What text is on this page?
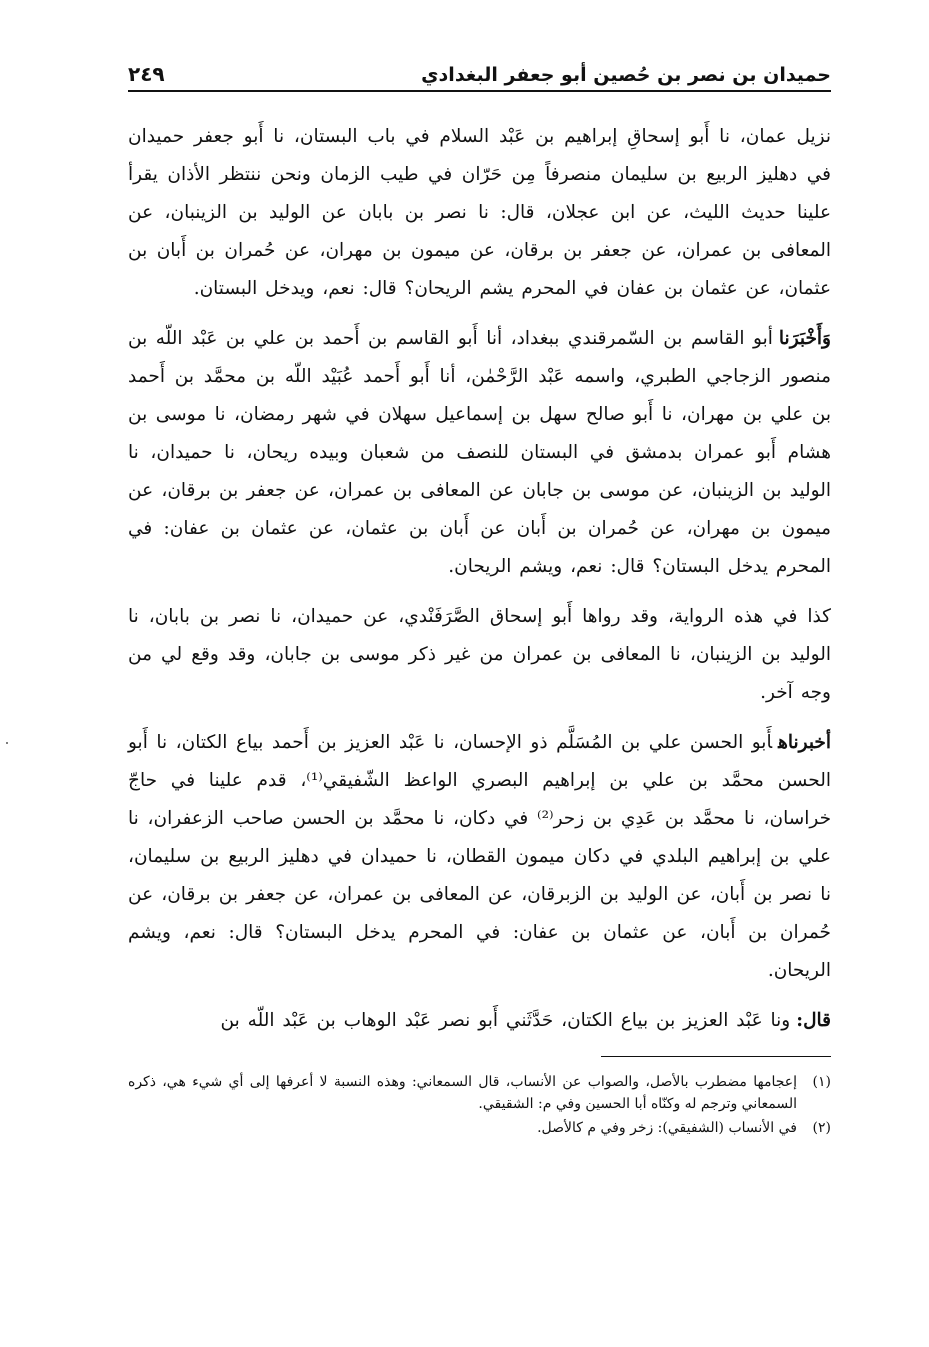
حميدان بن نصر بن حُصين أبو جعفر البغدادي
٢٤٩

نزيل عمان، نا أَبو إسحاقِ إبراهيم بن عَبْد السلام في باب البستان، نا أَبو جعفر حميدان في دهليز الربيع بن سليمان منصرفاً مِن حَرّان في طيب الزمان ونحن ننتظر الأذان يقرأ علينا حديث الليث، عن ابن عجلان، قال: نا نصر بن بابان عن الوليد بن الزينبان، عن المعافى بن عمران، عن جعفر بن برقان، عن ميمون بن مهران، عن حُمران بن أَبان بن عثمان، عن عثمان بن عفان في المحرم يشم الريحان؟ قال: نعم، ويدخل البستان.

وَأَخْبَرَناأبو القاسم بن السّمرقندي ببغداد، أنا أَبو القاسم بن أَحمد بن علي بن عَبْد اللّه بن منصور الزجاجي الطبري، واسمه عَبْد الرَّحْمٰن، أنا أَبو أَحمد عُبَيْد اللّه بن محمَّد بن أَحمد بن علي بن مهران، نا أَبو صالح سهل بن إسماعيل سهلان في شهر رمضان، نا موسى بن هشام أَبو عمران بدمشق في البستان للنصف من شعبان وبيده ريحان، نا حميدان، نا الوليد بن الزينبان، عن موسى بن جابان عن المعافى بن عمران، عن جعفر بن برقان، عن ميمون بن مهران، عن حُمران بن أَبان عن أَبان بن عثمان، عن عثمان بن عفان: في المحرم يدخل البستان؟ قال: نعم، ويشم الريحان.

كذا في هذه الرواية، وقد رواها أَبو إسحاق الصَّرَفَنْدي، عن حميدان، نا نصر بن بابان، نا الوليد بن الزينبان، نا المعافى بن عمران من غير ذكر موسى بن جابان، وقد وقع لي من وجه آخر.

أخبرناهأَبو الحسن علي بن المُسَلَّم ذو الإحسان، نا عَبْد العزيز بن أَحمد بياع الكتان، نا أَبو الحسن محمَّد بن علي بن إبراهيم البصري الواعظ الشّفيقي⁽¹⁾، قدم علينا في حاجّ خراسان، نا محمَّد بن عَدِي بن زحر⁽²⁾ في دكان، نا محمَّد بن الحسن صاحب الزعفران، نا علي بن إبراهيم البلدي في دكان ميمون القطان، نا حميدان في دهليز الربيع بن سليمان، نا نصر بن أَبان، عن الوليد بن الزبرقان، عن المعافى بن عمران، عن جعفر بن برقان، عن حُمران بن أَبان، عن عثمان بن عفان: في المحرم يدخل البستان؟ قال: نعم، ويشم الريحان.

قال:ونا عَبْد العزيز بن بياع الكتان، حَدَّثَني أَبو نصر عَبْد الوهاب بن عَبْد اللّه بن

(١)
إعجامها مضطرب بالأصل، والصواب عن الأنساب، قال السمعاني: وهذه النسبة لا أعرفها إلى أي شيء هي، ذكره السمعاني وترجم له وكنّاه أبا الحسين وفي م: الشقيقي.
(٢)
في الأنساب (الشفيقي): زخر وفي م كالأصل.
